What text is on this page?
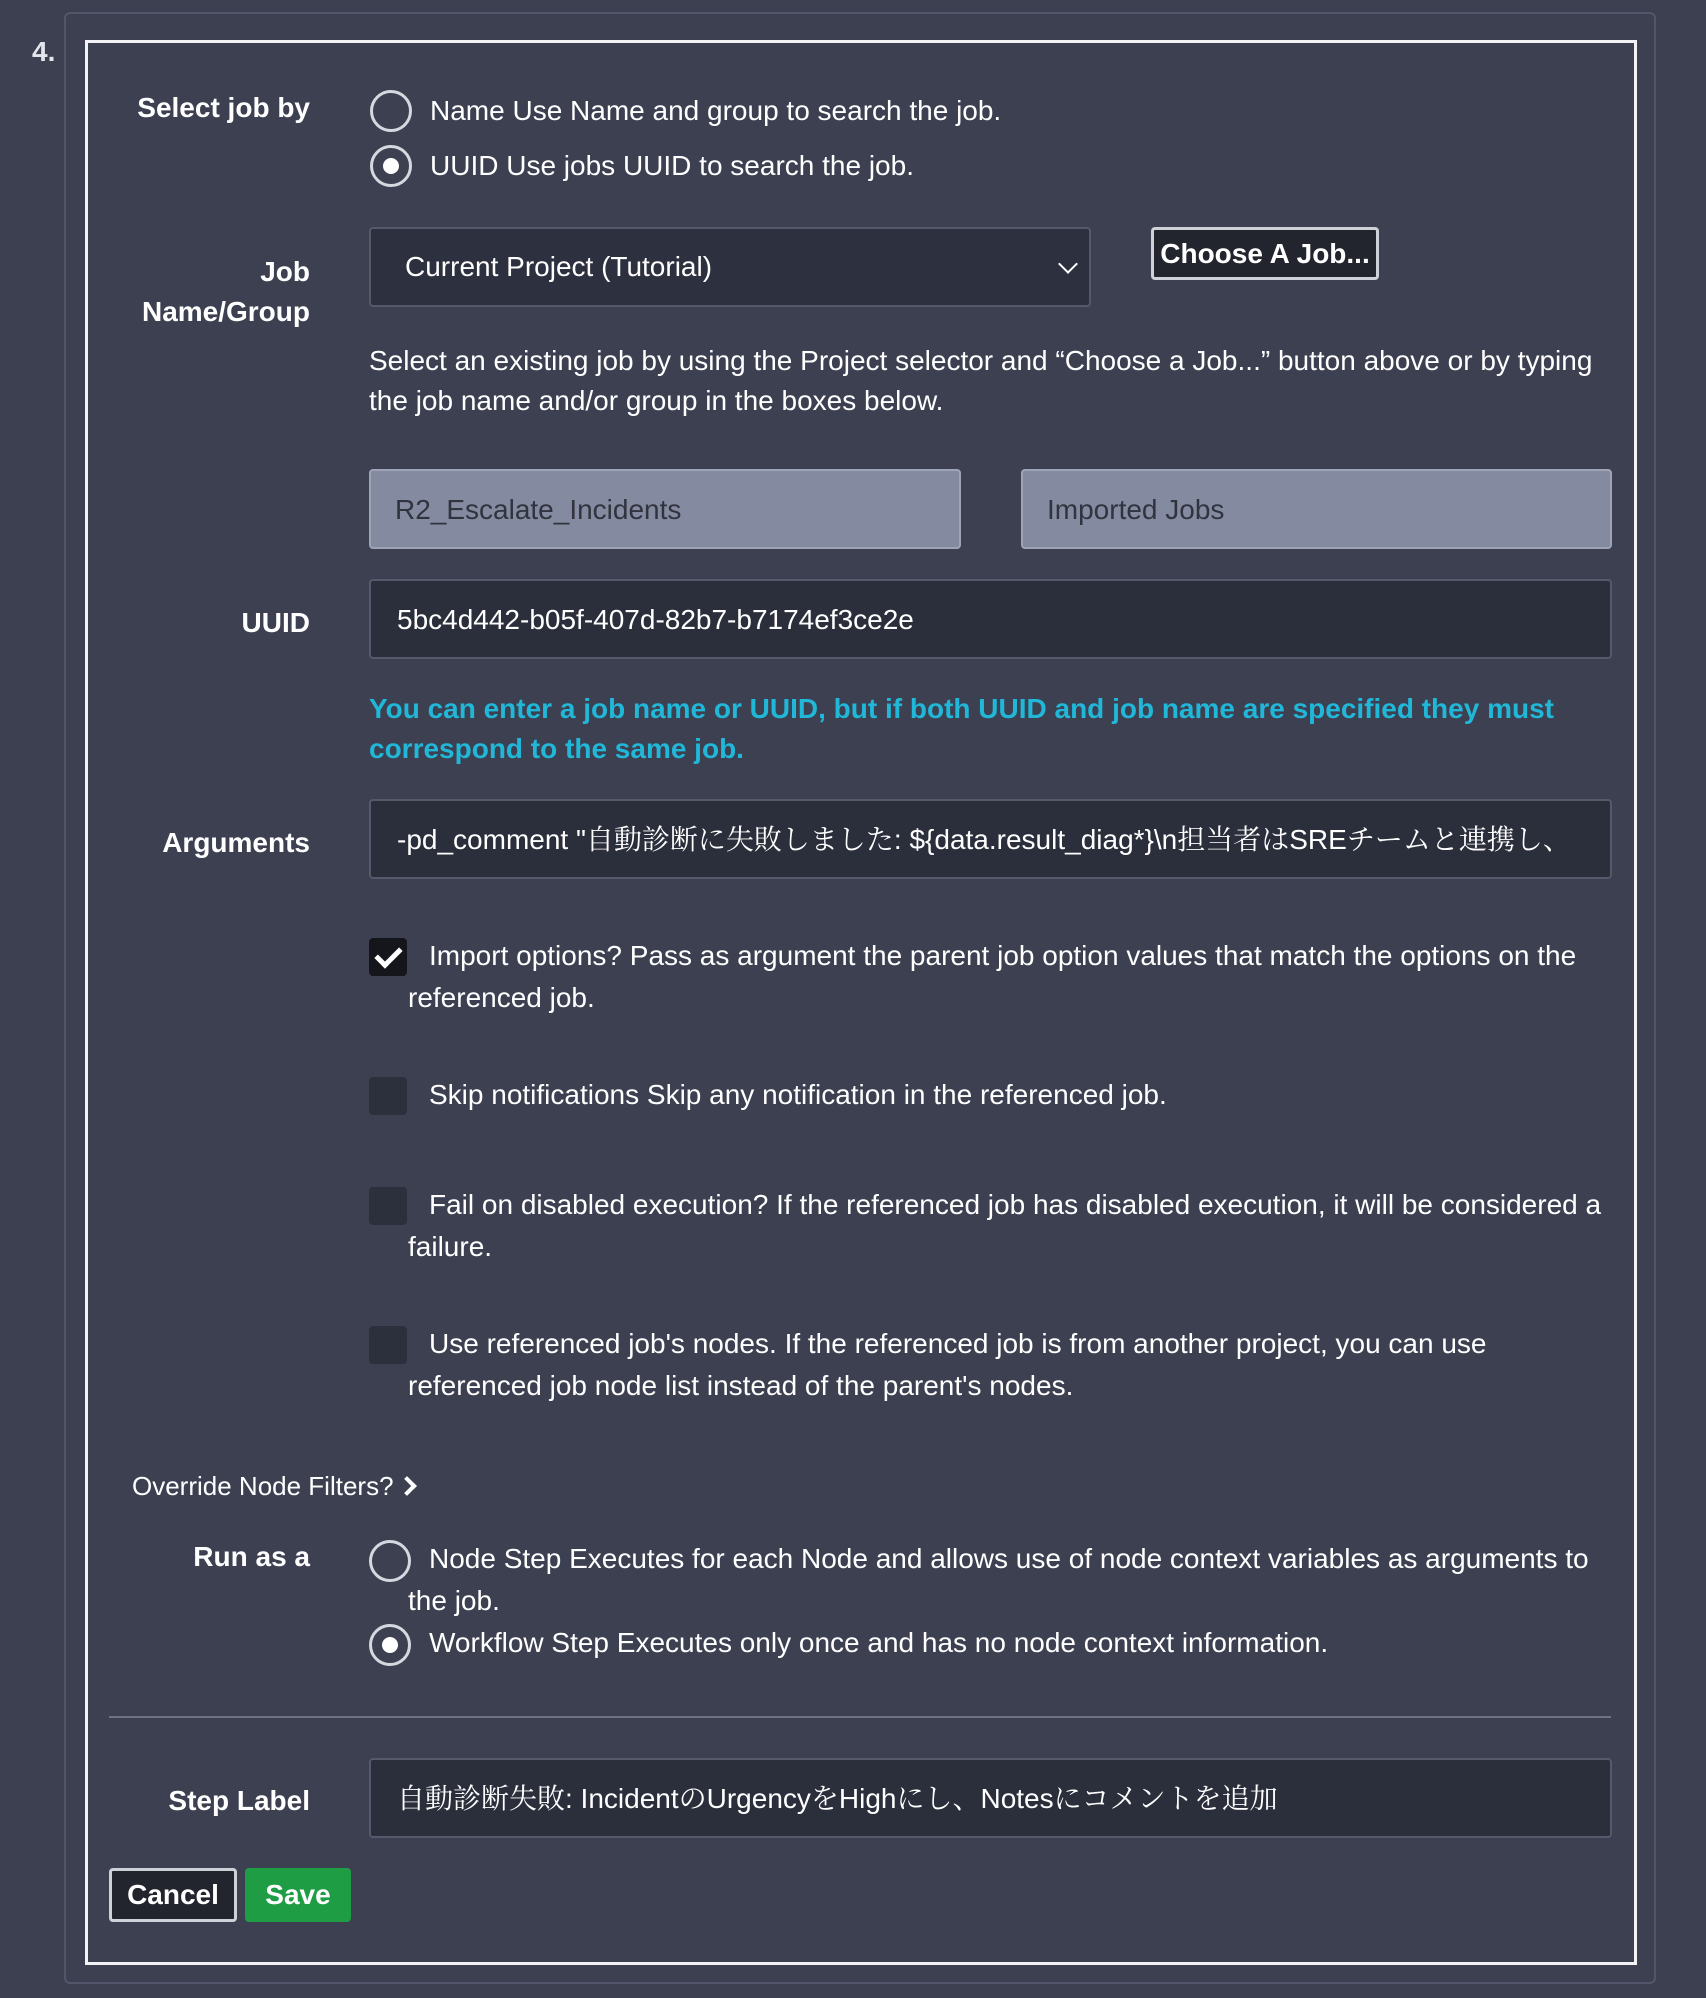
4.
Select job by	Name Use Name and group to search the job.
UUID Use jobs UUID to search the job.
Job
Name/Group
Current Project (Tutorial)	Choose A Job...
Select an existing job by using the Project selector and “Choose a Job...” button above or by typing the job name and/or group in the boxes below.
R2_Escalate_Incidents	Imported Jobs
UUID	5bc4d442-b05f-407d-82b7-b7174ef3ce2e
You can enter a job name or UUID, but if both UUID and job name are specified they must correspond to the same job.
Arguments	-pd_comment "自動診断に失敗しました: ${data.result_diag*}\n担当者はSREチームと連携し、
Import options? Pass as argument the parent job option values that match the options on the referenced job.
Skip notifications Skip any notification in the referenced job.
Fail on disabled execution? If the referenced job has disabled execution, it will be considered a failure.
Use referenced job's nodes. If the referenced job is from another project, you can use referenced job node list instead of the parent's nodes.
Override Node Filters?
Run as a	Node Step Executes for each Node and allows use of node context variables as arguments to the job.
Workflow Step Executes only once and has no node context information.
Step Label	自動診断失敗: IncidentのUrgencyをHighにし、Notesにコメントを追加
Cancel	Save
